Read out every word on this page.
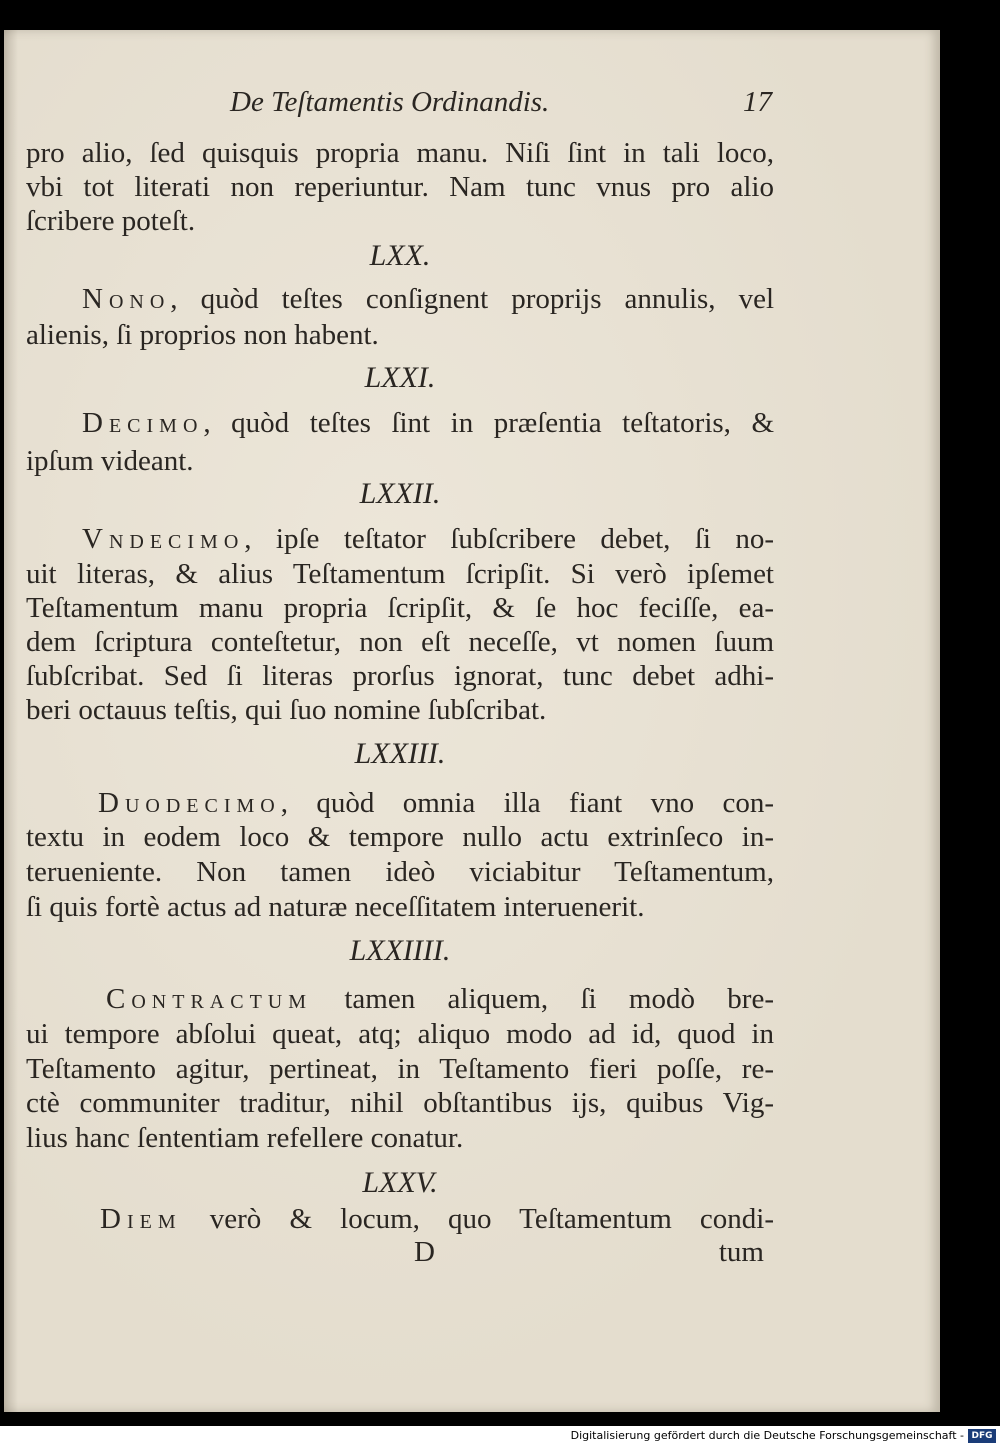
De Teſtamentis Ordinandis.	17
pro alio, ſed quisquis propria manu. Niſi ſint in tali loco,
vbi tot literati non reperiuntur. Nam tunc vnus pro alio
ſcribere poteſt.
LXX.
Nono, quòd teſtes conſignent proprijs annulis, vel
alienis, ſi proprios non habent.
LXXI.
Decimo, quòd teſtes ſint in præſentia teſtatoris, &
ipſum videant.
LXXII.
Vndecimo, ipſe teſtator ſubſcribere debet, ſi no-
uit literas, & alius Teſtamentum ſcripſit. Si verò ipſemet
Teſtamentum manu propria ſcripſit, & ſe hoc feciſſe, ea-
dem ſcriptura conteſtetur, non eſt neceſſe, vt nomen ſuum
ſubſcribat. Sed ſi literas prorſus ignorat, tunc debet adhi-
beri octauus teſtis, qui ſuo nomine ſubſcribat.
LXXIII.
Duodecimo, quòd omnia illa fiant vno con-
textu in eodem loco & tempore nullo actu extrinſeco in-
terueniente. Non tamen ideò viciabitur Teſtamentum,
ſi quis fortè actus ad naturæ neceſſitatem interuenerit.
LXXIIII.
Contractum tamen aliquem, ſi modò bre-
ui tempore abſolui queat, atq; aliquo modo ad id, quod in
Teſtamento agitur, pertineat, in Teſtamento fieri poſſe, re-
ctè communiter traditur, nihil obſtantibus ijs, quibus Vig-
lius hanc ſententiam refellere conatur.
LXXV.
Diem verò & locum, quo Teſtamentum condi-
D	tum
Digitalisierung gefördert durch die Deutsche Forschungsgemeinschaft - DFG
